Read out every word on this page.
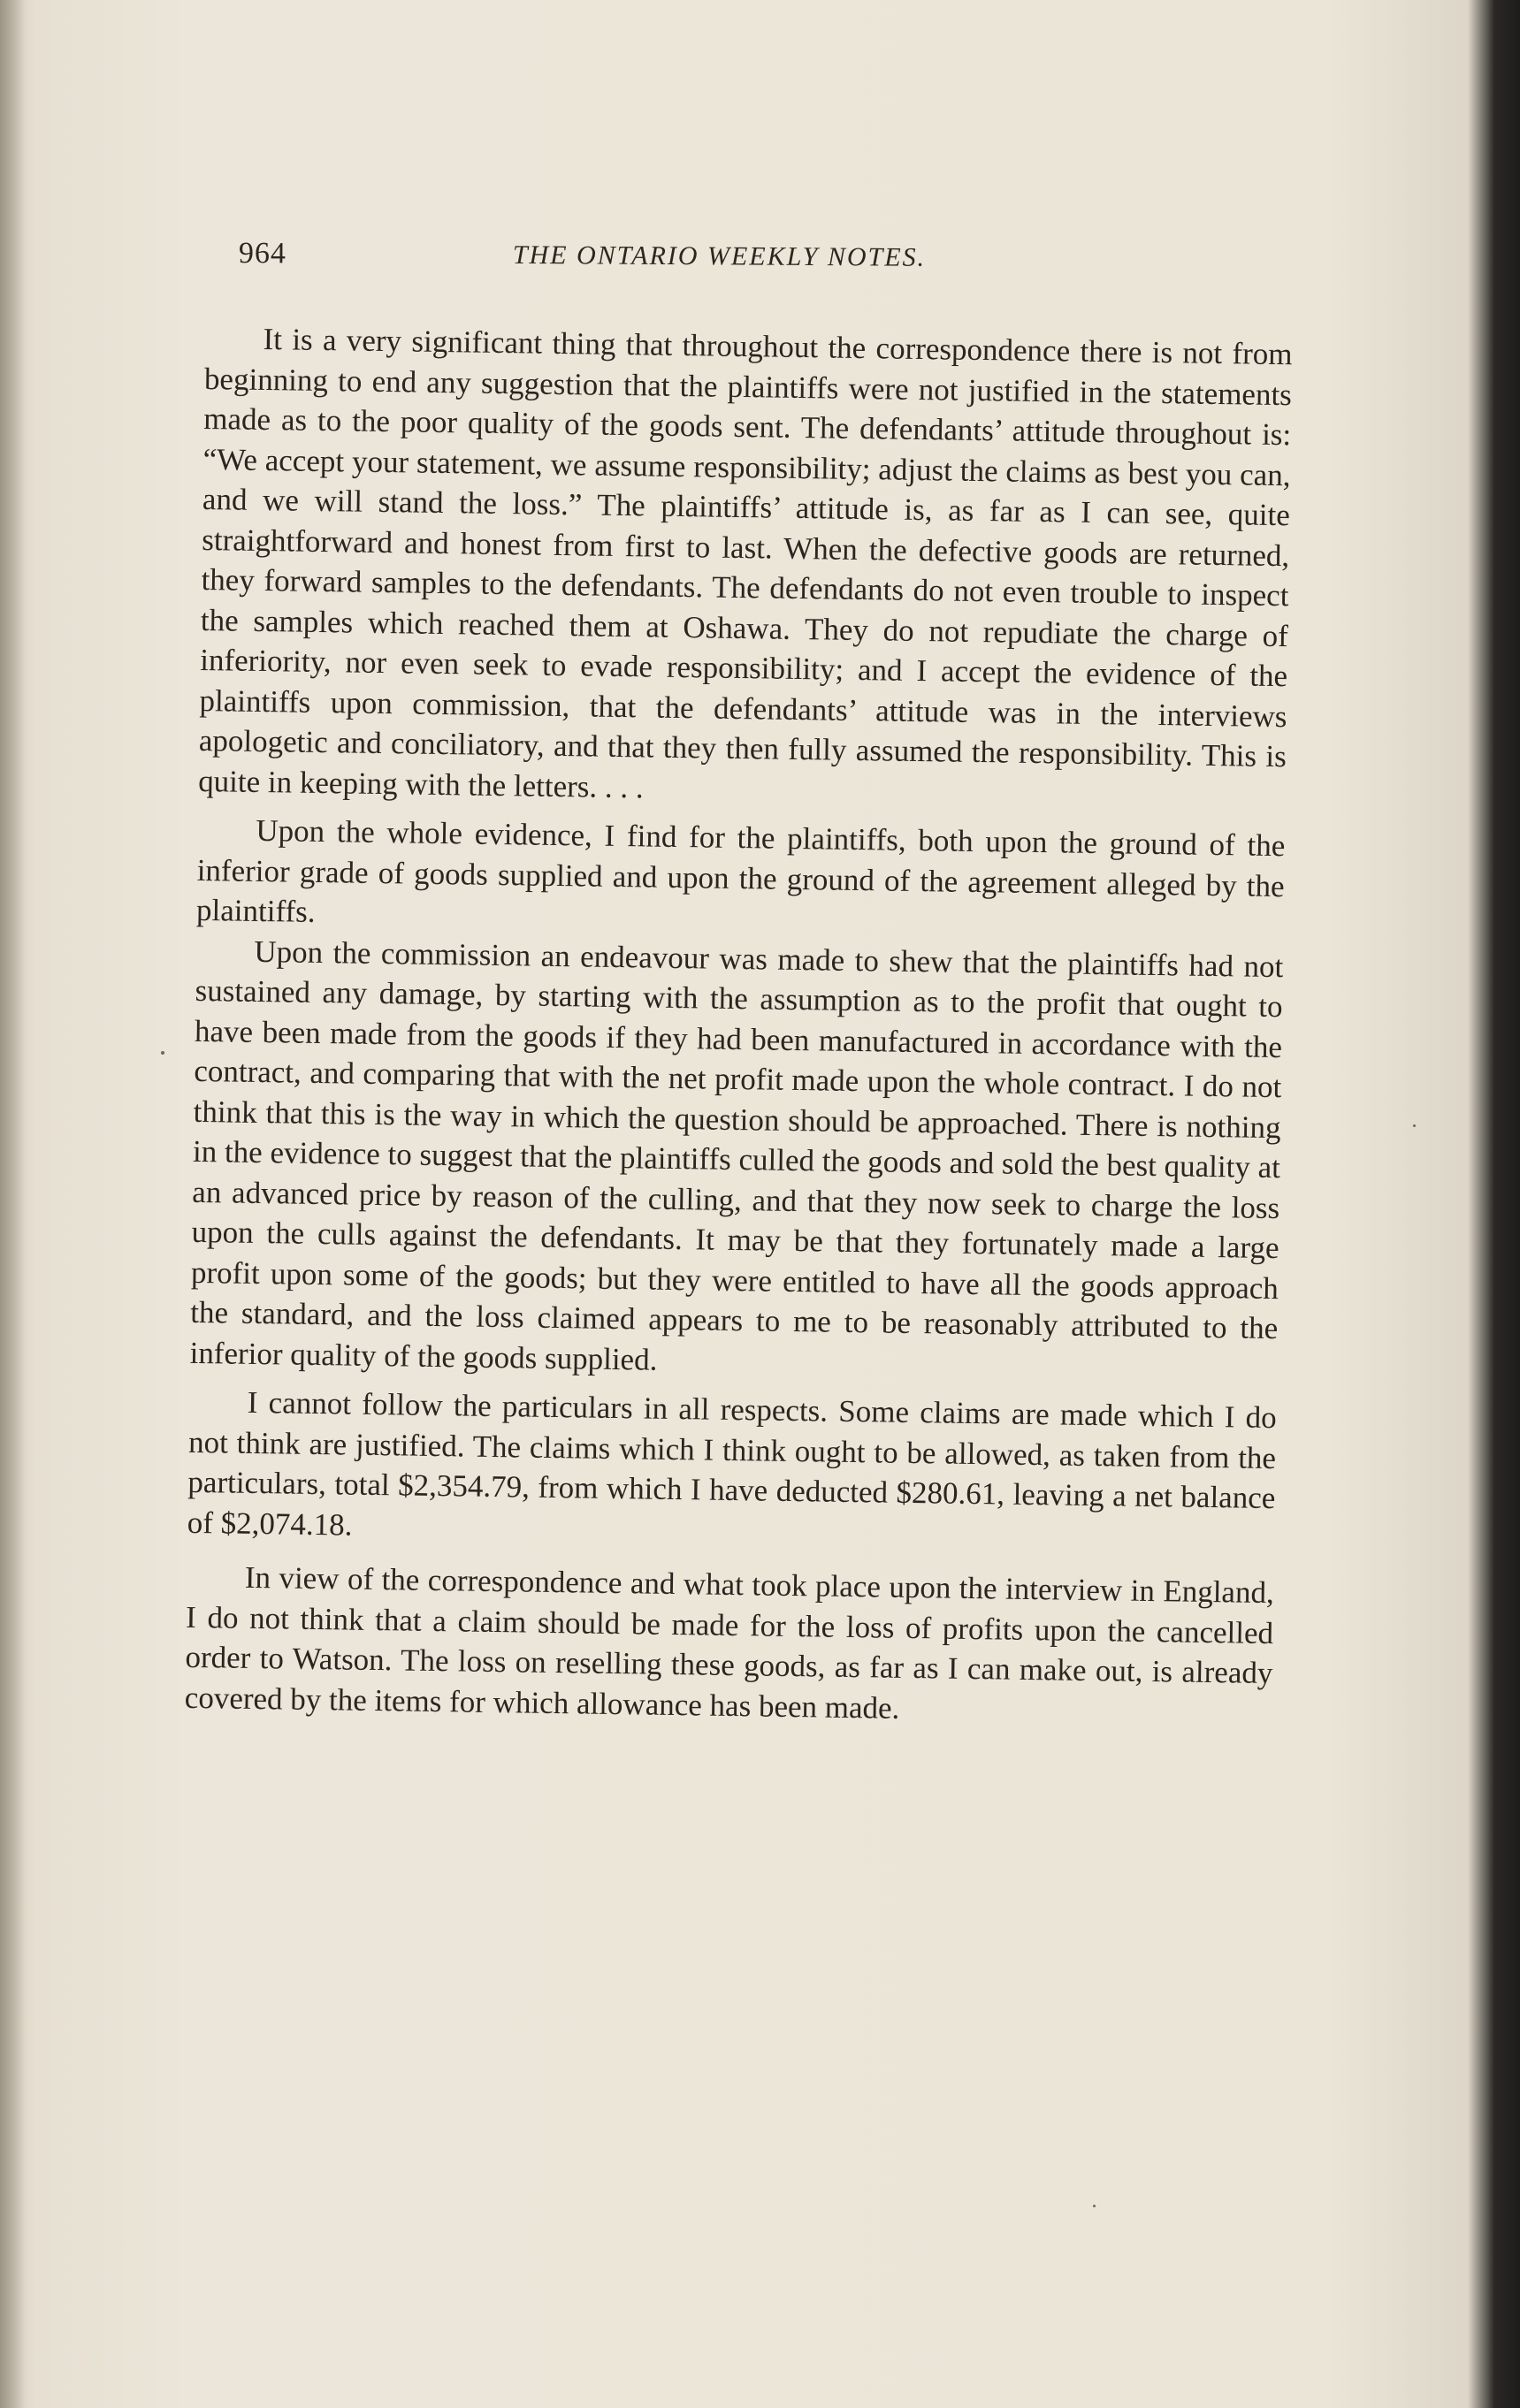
964	THE ONTARIO WEEKLY NOTES.

It is a very significant thing that throughout the correspondence there is not from beginning to end any suggestion that the plaintiffs were not justified in the statements made as to the poor quality of the goods sent. The defendants’ attitude throughout is: “We accept your statement, we assume responsibility; adjust the claims as best you can, and we will stand the loss.” The plaintiffs’ attitude is, as far as I can see, quite straightforward and honest from first to last. When the defective goods are returned, they forward samples to the defendants. The defendants do not even trouble to inspect the samples which reached them at Oshawa. They do not repudiate the charge of inferiority, nor even seek to evade responsibility; and I accept the evidence of the plaintiffs upon commission, that the defendants’ attitude was in the interviews apologetic and conciliatory, and that they then fully assumed the responsibility. This is quite in keeping with the letters. . . .

Upon the whole evidence, I find for the plaintiffs, both upon the ground of the inferior grade of goods supplied and upon the ground of the agreement alleged by the plaintiffs.

Upon the commission an endeavour was made to shew that the plaintiffs had not sustained any damage, by starting with the assumption as to the profit that ought to have been made from the goods if they had been manufactured in accordance with the contract, and comparing that with the net profit made upon the whole contract. I do not think that this is the way in which the question should be approached. There is nothing in the evidence to suggest that the plaintiffs culled the goods and sold the best quality at an advanced price by reason of the culling, and that they now seek to charge the loss upon the culls against the defendants. It may be that they fortunately made a large profit upon some of the goods; but they were entitled to have all the goods approach the standard, and the loss claimed appears to me to be reasonably attributed to the inferior quality of the goods supplied.

I cannot follow the particulars in all respects. Some claims are made which I do not think are justified. The claims which I think ought to be allowed, as taken from the particulars, total $2,354.79, from which I have deducted $280.61, leaving a net balance of $2,074.18.

In view of the correspondence and what took place upon the interview in England, I do not think that a claim should be made for the loss of profits upon the cancelled order to Watson. The loss on reselling these goods, as far as I can make out, is already covered by the items for which allowance has been made.
